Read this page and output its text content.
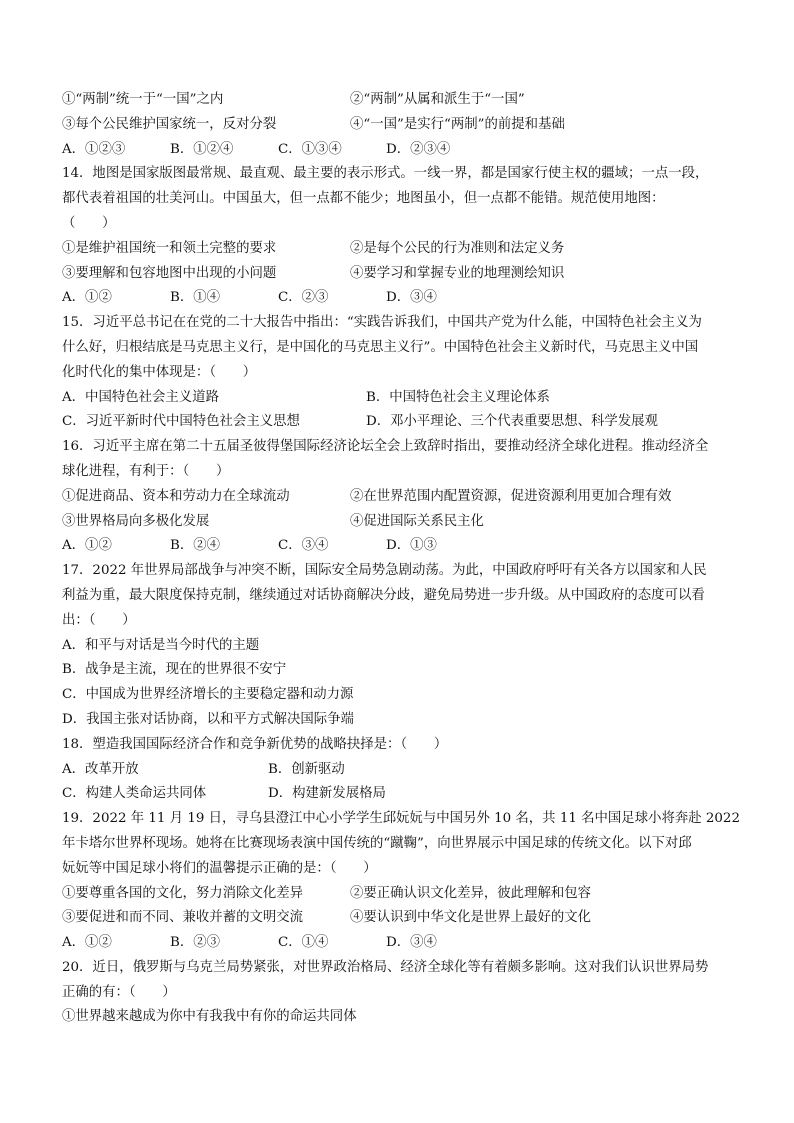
①“两制”统一于“一国”之内	②“两制”从属和派生于“一国”
③每个公民维护国家统一，反对分裂	④“一国”是实行“两制”的前提和基础
A．①②③	B．①②④	C．①③④	D．②③④
14．地图是国家版图最常规、最直观、最主要的表示形式。一线一界，都是国家行使主权的疆域；一点一段，
都代表着祖国的壮美河山。中国虽大，但一点都不能少；地图虽小，但一点都不能错。规范使用地图：
（　　）
①是维护祖国统一和领土完整的要求	②是每个公民的行为准则和法定义务
③要理解和包容地图中出现的小问题	④要学习和掌握专业的地理测绘知识
A．①②	B．①④	C．②③	D．③④
15．习近平总书记在在党的二十大报告中指出：“实践告诉我们，中国共产党为什么能，中国特色社会主义为
什么好，归根结底是马克思主义行，是中国化的马克思主义行”。中国特色社会主义新时代，马克思主义中国
化时代化的集中体现是：（　　）
A．中国特色社会主义道路	B．中国特色社会主义理论体系
C．习近平新时代中国特色社会主义思想	D．邓小平理论、三个代表重要思想、科学发展观
16．习近平主席在第二十五届圣彼得堡国际经济论坛全会上致辞时指出，要推动经济全球化进程。推动经济全
球化进程，有利于：（　　）
①促进商品、资本和劳动力在全球流动	②在世界范围内配置资源，促进资源利用更加合理有效
③世界格局向多极化发展	④促进国际关系民主化
A．①②	B．②④	C．③④	D．①③
17．2022 年世界局部战争与冲突不断，国际安全局势急剧动荡。为此，中国政府呼吁有关各方以国家和人民
利益为重，最大限度保持克制，继续通过对话协商解决分歧，避免局势进一步升级。从中国政府的态度可以看
出：（　　）
A．和平与对话是当今时代的主题
B．战争是主流，现在的世界很不安宁
C．中国成为世界经济增长的主要稳定器和动力源
D．我国主张对话协商，以和平方式解决国际争端
18．塑造我国国际经济合作和竞争新优势的战略抉择是：（　　）
A．改革开放	B．创新驱动
C．构建人类命运共同体	D．构建新发展格局
19．2022 年 11 月 19 日，寻乌县澄江中心小学学生邱妧妧与中国另外 10 名，共 11 名中国足球小将奔赴 2022
年卡塔尔世界杯现场。她将在比赛现场表演中国传统的“蹴鞠”，向世界展示中国足球的传统文化。以下对邱
妧妧等中国足球小将们的温馨提示正确的是：（　　）
①要尊重各国的文化，努力消除文化差异	②要正确认识文化差异，彼此理解和包容
③要促进和而不同、兼收并蓄的文明交流	④要认识到中华文化是世界上最好的文化
A．①②	B．②③	C．①④	D．③④
20．近日，俄罗斯与乌克兰局势紧张，对世界政治格局、经济全球化等有着颇多影响。这对我们认识世界局势
正确的有：（　　）
①世界越来越成为你中有我我中有你的命运共同体
